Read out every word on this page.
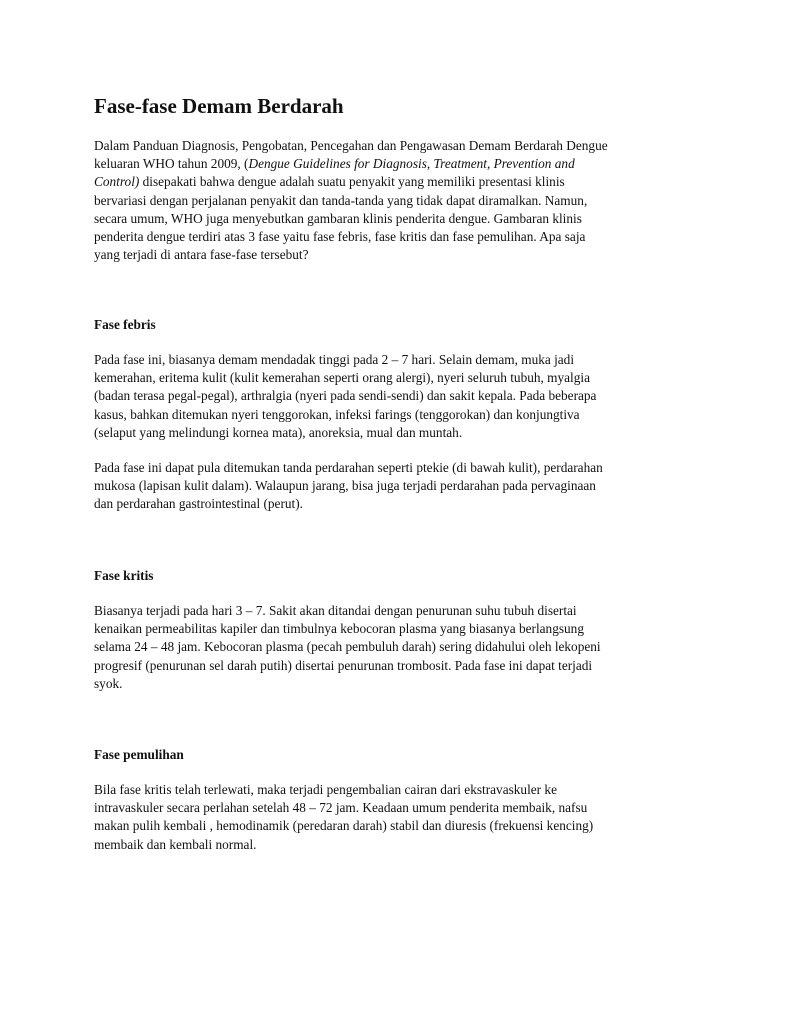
Fase-fase Demam Berdarah

Dalam Panduan Diagnosis, Pengobatan, Pencegahan dan Pengawasan Demam Berdarah Dengue
keluaran WHO tahun 2009, (Dengue Guidelines for Diagnosis, Treatment, Prevention and
Control) disepakati bahwa dengue adalah suatu penyakit yang memiliki presentasi klinis
bervariasi dengan perjalanan penyakit dan tanda-tanda yang tidak dapat diramalkan. Namun,
secara umum, WHO juga menyebutkan gambaran klinis penderita dengue. Gambaran klinis
penderita dengue terdiri atas 3 fase yaitu fase febris, fase kritis dan fase pemulihan. Apa saja
yang terjadi di antara fase-fase tersebut?

Fase febris

Pada fase ini, biasanya demam mendadak tinggi pada 2 – 7 hari. Selain demam, muka jadi
kemerahan, eritema kulit (kulit kemerahan seperti orang alergi), nyeri seluruh tubuh, myalgia
(badan terasa pegal-pegal), arthralgia (nyeri pada sendi-sendi) dan sakit kepala. Pada beberapa
kasus, bahkan ditemukan nyeri tenggorokan, infeksi farings (tenggorokan) dan konjungtiva
(selaput yang melindungi kornea mata), anoreksia, mual dan muntah.

Pada fase ini dapat pula ditemukan tanda perdarahan seperti ptekie (di bawah kulit), perdarahan
mukosa (lapisan kulit dalam). Walaupun jarang, bisa juga terjadi perdarahan pada pervaginaan
dan perdarahan gastrointestinal (perut).

Fase kritis

Biasanya terjadi pada hari 3 – 7. Sakit akan ditandai dengan penurunan suhu tubuh disertai
kenaikan permeabilitas kapiler dan timbulnya kebocoran plasma yang biasanya berlangsung
selama 24 – 48 jam. Kebocoran plasma (pecah pembuluh darah) sering didahului oleh lekopeni
progresif (penurunan sel darah putih) disertai penurunan trombosit. Pada fase ini dapat terjadi
syok.

Fase pemulihan

Bila fase kritis telah terlewati, maka terjadi pengembalian cairan dari ekstravaskuler ke
intravaskuler secara perlahan setelah 48 – 72 jam. Keadaan umum penderita membaik, nafsu
makan pulih kembali , hemodinamik (peredaran darah) stabil dan diuresis (frekuensi kencing)
membaik dan kembali normal.
